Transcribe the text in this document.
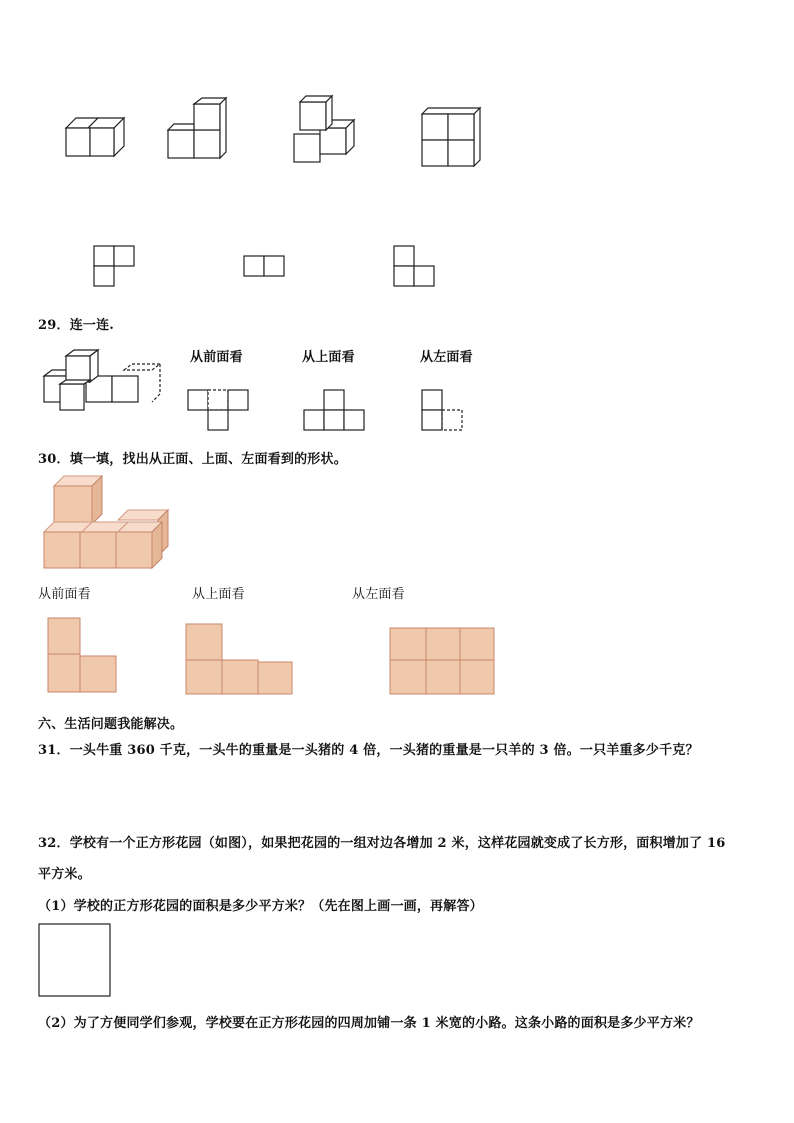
29．连一连.
从前面看	从上面看	从左面看
30．填一填，找出从正面、上面、左面看到的形状。
从前面看	从上面看	从左面看
六、生活问题我能解决。
31．一头牛重 360 千克，一头牛的重量是一头猪的 4 倍，一头猪的重量是一只羊的 3 倍。一只羊重多少千克？
32．学校有一个正方形花园（如图），如果把花园的一组对边各增加 2 米，这样花园就变成了长方形，面积增加了 16
平方米。
（1）学校的正方形花园的面积是多少平方米？（先在图上画一画，再解答）
（2）为了方便同学们参观，学校要在正方形花园的四周加铺一条 1 米宽的小路。这条小路的面积是多少平方米？
